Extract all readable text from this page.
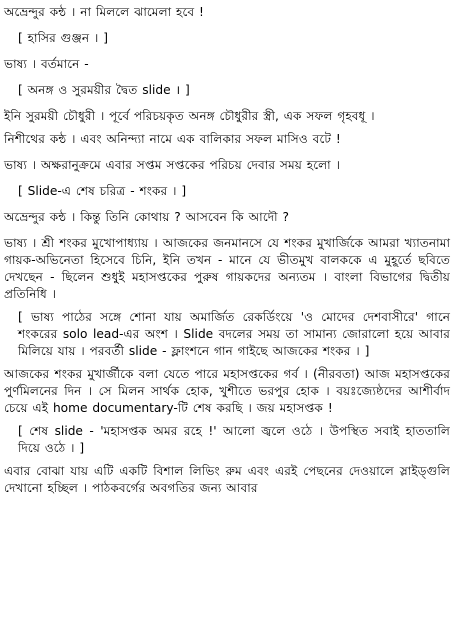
অভ্রেন্দুর কন্ঠ । না মিললে ঝামেলা হবে !

[ হাসির গুঞ্জন । ]

ভাষ্য । বর্তমানে -

[ অনঙ্গ ও সুরময়ীর দ্বৈত slide । ]

ইনি সুরময়ী চৌধুরী । পূর্বে পরিচয়কৃত অনঙ্গ চৌধুরীর স্ত্রী, এক সফল গৃহবধূ ।

নিশীথের কন্ঠ । এবং অনিন্দ্যা নামে এক বালিকার সফল মাসিও বটে !

ভাষ্য । অক্ষরানুক্রমে এবার সপ্তম সপ্তকের পরিচয় দেবার সময় হলো ।

[ Slide-এ শেষ চরিত্র - শংকর । ]

অভ্রেন্দুর কন্ঠ । কিন্তু তিনি কোথায় ? আসবেন কি আদৌ ?

ভাষ্য । শ্রী শংকর মুখোপাধ্যায় । আজকের জনমানসে যে শংকর মুখার্জিকে আমরা খ্যাতনামা গায়ক-অভিনেতা হিসেবে চিনি, ইনি তখন - মানে যে ভীতমুখ বালককে এ মুহূর্তে ছবিতে দেখছেন - ছিলেন শুধুই মহাসপ্তকের পুরুষ গায়কদের অন্যতম । বাংলা বিভাগের দ্বিতীয় প্রতিনিধি ।

[ ভাষ্য পাঠের সঙ্গে শোনা যায় অমার্জিত রেকর্ডিংয়ে 'ও মোদের দেশবাসীরে' গানে শংকরের solo lead-এর অংশ । Slide বদলের সময় তা সামান্য জোরালো হয়ে আবার মিলিয়ে যায় । পরবর্তী slide - ফ্লাংশনে গান গাইছে আজকের শংকর । ]

আজকের শংকর মুখার্জীকে বলা যেতে পারে মহাসপ্তকের গর্ব । (নীরবতা) আজ মহাসপ্তকের পুর্ণমিলনের দিন । সে মিলন সার্থক হোক, খুশীতে ভরপুর হোক । বয়ঃজ্যেষ্ঠদের আশীর্বাদ চেয়ে এই home documentary-টি শেষ করছি । জয় মহাসপ্তক !

[ শেষ slide - 'মহাসপ্তক অমর রহে !' আলো জ্বলে ওঠে । উপস্থিত সবাই হাততালি দিয়ে ওঠে । ]

এবার বোঝা যায় এটি একটি বিশাল লিভিং রুম এবং এরই পেছনের দেওয়ালে স্লাইড্গুলি দেখানো হচ্ছিল । পাঠকবর্গের অবগতির জন্য আবার
